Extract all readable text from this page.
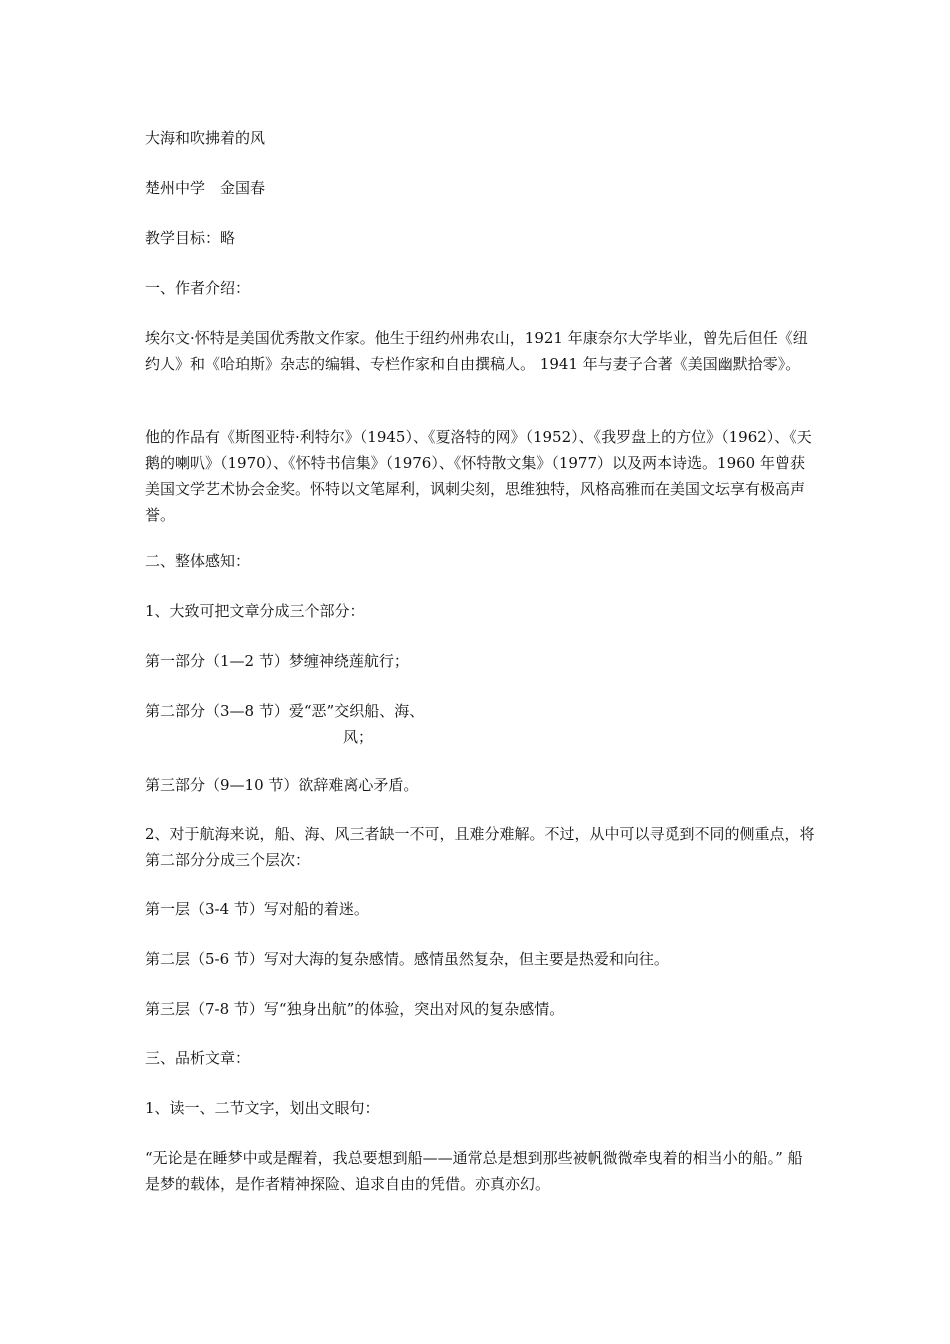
大海和吹拂着的风

楚州中学　金国春

教学目标：略

一、作者介绍：

埃尔文·怀特是美国优秀散文作家。他生于纽约州弗农山，1921 年康奈尔大学毕业，曾先后但任《纽约人》和《哈珀斯》杂志的编辑、专栏作家和自由撰稿人。 1941 年与妻子合著《美国幽默拾零》。

他的作品有《斯图亚特·利特尔》（1945）、《夏洛特的网》（1952）、《我罗盘上的方位》（1962）、《天鹅的喇叭》（1970）、《怀特书信集》（1976）、《怀特散文集》（1977）以及两本诗选。1960 年曾获美国文学艺术协会金奖。怀特以文笔犀利，讽刺尖刻，思维独特，风格高雅而在美国文坛享有极高声誉。

二、整体感知：

1、大致可把文章分成三个部分：

第一部分（1—2 节）梦缠神绕莲航行；

第二部分（3—8 节）爱“恶”交织船、海、
风；

第三部分（9—10 节）欲辞难离心矛盾。

2、对于航海来说，船、海、风三者缺一不可，且难分难解。不过，从中可以寻觅到不同的侧重点，将第二部分分成三个层次：

第一层（3-4 节）写对船的着迷。

第二层（5-6 节）写对大海的复杂感情。感情虽然复杂，但主要是热爱和向往。

第三层（7-8 节）写“独身出航”的体验，突出对风的复杂感情。

三、品析文章：

1、读一、二节文字，划出文眼句：

“无论是在睡梦中或是醒着，我总要想到船——通常总是想到那些被帆微微牵曳着的相当小的船。” 船是梦的载体，是作者精神探险、追求自由的凭借。亦真亦幻。
